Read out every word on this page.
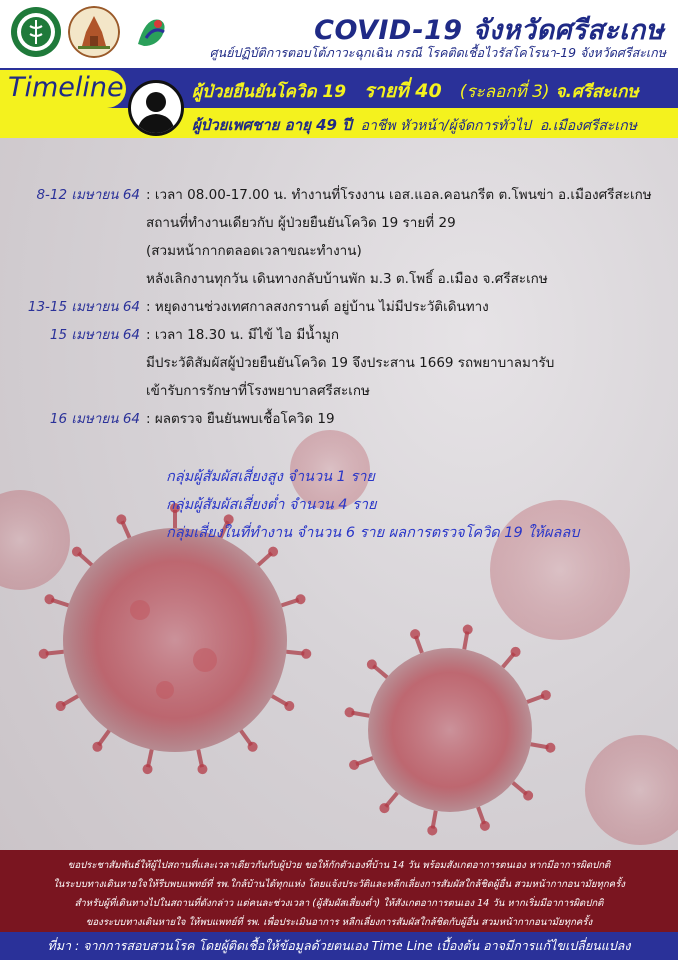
COVID-19 จังหวัดศรีสะเกษ
ศูนย์ปฏิบัติการตอบโต้ภาวะฉุกเฉิน กรณี โรคติดเชื้อไวรัสโคโรนา-19 จังหวัดศรีสะเกษ
Timeline	ผู้ป่วยยืนยันโควิด 19 รายที่ 40 (ระลอกที่ 3) จ.ศรีสะเกษ
ผู้ป่วยเพศชาย อายุ 49 ปี อาชีพ หัวหน้า/ผู้จัดการทั่วไป อ.เมืองศรีสะเกษ
8-12 เมษายน 64 : เวลา 08.00-17.00 น. ทำงานที่โรงงาน เอส.แอล.คอนกรีต ต.โพนข่า อ.เมืองศรีสะเกษ
สถานที่ทำงานเดียวกับ ผู้ป่วยยืนยันโควิด 19 รายที่ 29
(สวมหน้ากากตลอดเวลาขณะทำงาน)
หลังเลิกงานทุกวัน เดินทางกลับบ้านพัก ม.3 ต.โพธิ์ อ.เมือง จ.ศรีสะเกษ
13-15 เมษายน 64 : หยุดงานช่วงเทศกาลสงกรานต์ อยู่บ้าน ไม่มีประวัติเดินทาง
15 เมษายน 64 : เวลา 18.30 น. มีไข้ ไอ มีน้ำมูก
มีประวัติสัมผัสผู้ป่วยยืนยันโควิด 19 จึงประสาน 1669 รถพยาบาลมารับ
เข้ารับการรักษาที่โรงพยาบาลศรีสะเกษ
16 เมษายน 64 : ผลตรวจ ยืนยันพบเชื้อโควิด 19
กลุ่มผู้สัมผัสเสี่ยงสูง จำนวน 1 ราย
กลุ่มผู้สัมผัสเสี่ยงต่ำ จำนวน 4 ราย
กลุ่มเสี่ยงในที่ทำงาน จำนวน 6 ราย ผลการตรวจโควิด 19 ให้ผลลบ
ขอประชาสัมพันธ์ให้ผู้ไปสถานที่และเวลาเดียวกันกับผู้ป่วย ขอให้กักตัวเองที่บ้าน 14 วัน พร้อมสังเกตอาการตนเอง หากมีอาการผิดปกติ
ในระบบทางเดินหายใจให้รีบพบแพทย์ที่ รพ.ใกล้บ้านได้ทุกแห่ง โดยแจ้งประวัติและหลีกเลี่ยงการสัมผัสใกล้ชิดผู้อื่น สวมหน้ากากอนามัยทุกครั้ง
สำหรับผู้ที่เดินทางไปในสถานที่ดังกล่าว แต่คนละช่วงเวลา (ผู้สัมผัสเสี่ยงต่ำ) ให้สังเกตอาการตนเอง 14 วัน หากเริ่มมีอาการผิดปกติ
ของระบบทางเดินหายใจ ให้พบแพทย์ที่ รพ. เพื่อประเมินอาการ หลีกเลี่ยงการสัมผัสใกล้ชิดกับผู้อื่น สวมหน้ากากอนามัยทุกครั้ง
ที่มา : จากการสอบสวนโรค โดยผู้ติดเชื้อให้ข้อมูลด้วยตนเอง Time Line เบื้องต้น อาจมีการแก้ไขเปลี่ยนแปลง
